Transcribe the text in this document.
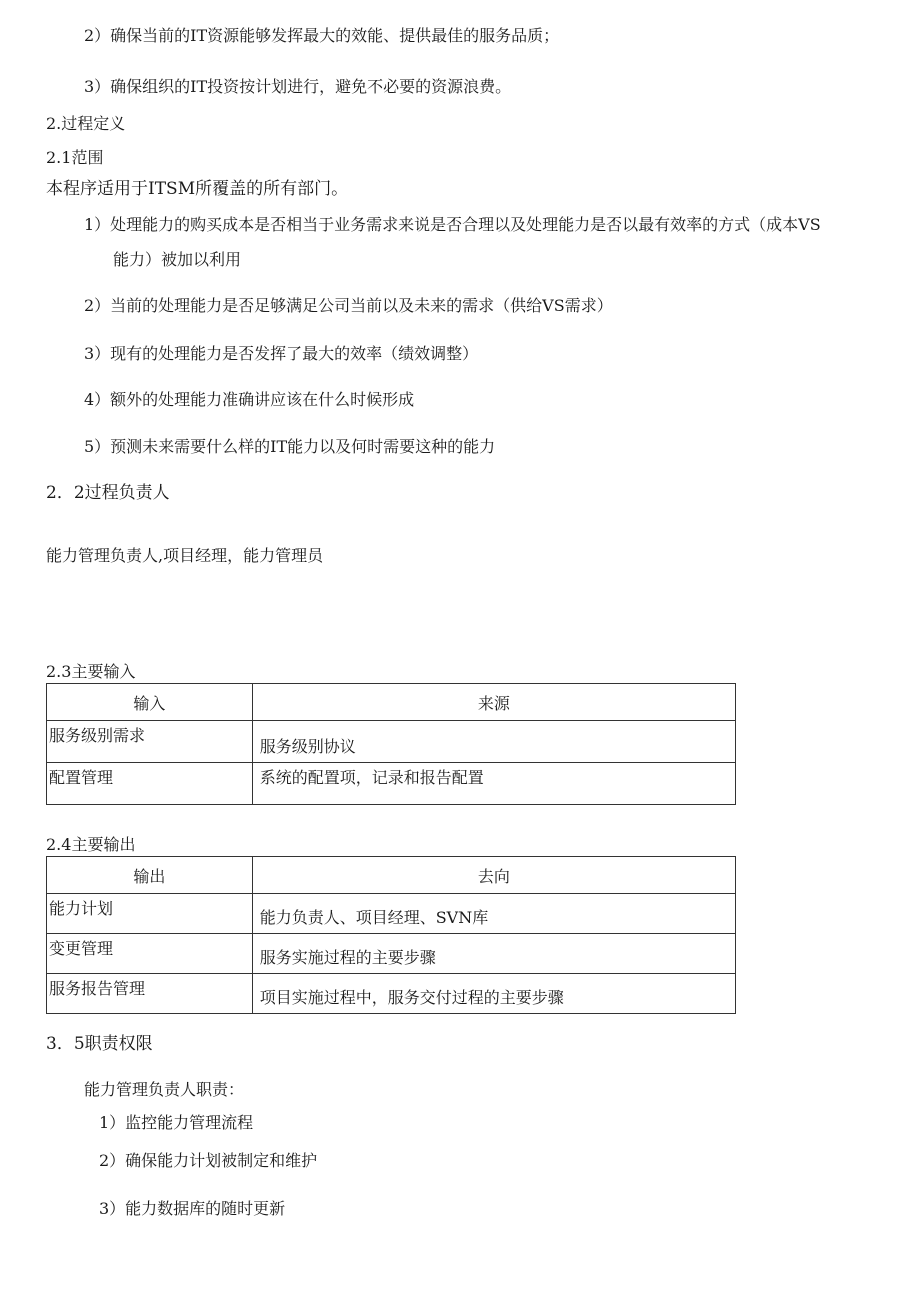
2）确保当前的IT资源能够发挥最大的效能、提供最佳的服务品质；
3）确保组织的IT投资按计划进行，避免不必要的资源浪费。
2.过程定义
2.1范围
本程序适用于ITSM所覆盖的所有部门。
1）处理能力的购买成本是否相当于业务需求来说是否合理以及处理能力是否以最有效率的方式（成本VS
能力）被加以利用
2）当前的处理能力是否足够满足公司当前以及未来的需求（供给VS需求）
3）现有的处理能力是否发挥了最大的效率（绩效调整）
4）额外的处理能力准确讲应该在什么时候形成
5）预测未来需要什么样的IT能力以及何时需要这种的能力
2．2过程负责人
能力管理负责人,项目经理，能力管理员
2.3主要输入
输入	来源

服务级别需求	服务级别协议

配置管理	系统的配置项，记录和报告配置
2.4主要输出
输出	去向

能力计划	能力负责人、项目经理、SVN库

变更管理	服务实施过程的主要步骤

服务报告管理	项目实施过程中，服务交付过程的主要步骤
3．5职责权限
能力管理负责人职责：
1）监控能力管理流程
2）确保能力计划被制定和维护
3）能力数据库的随时更新
